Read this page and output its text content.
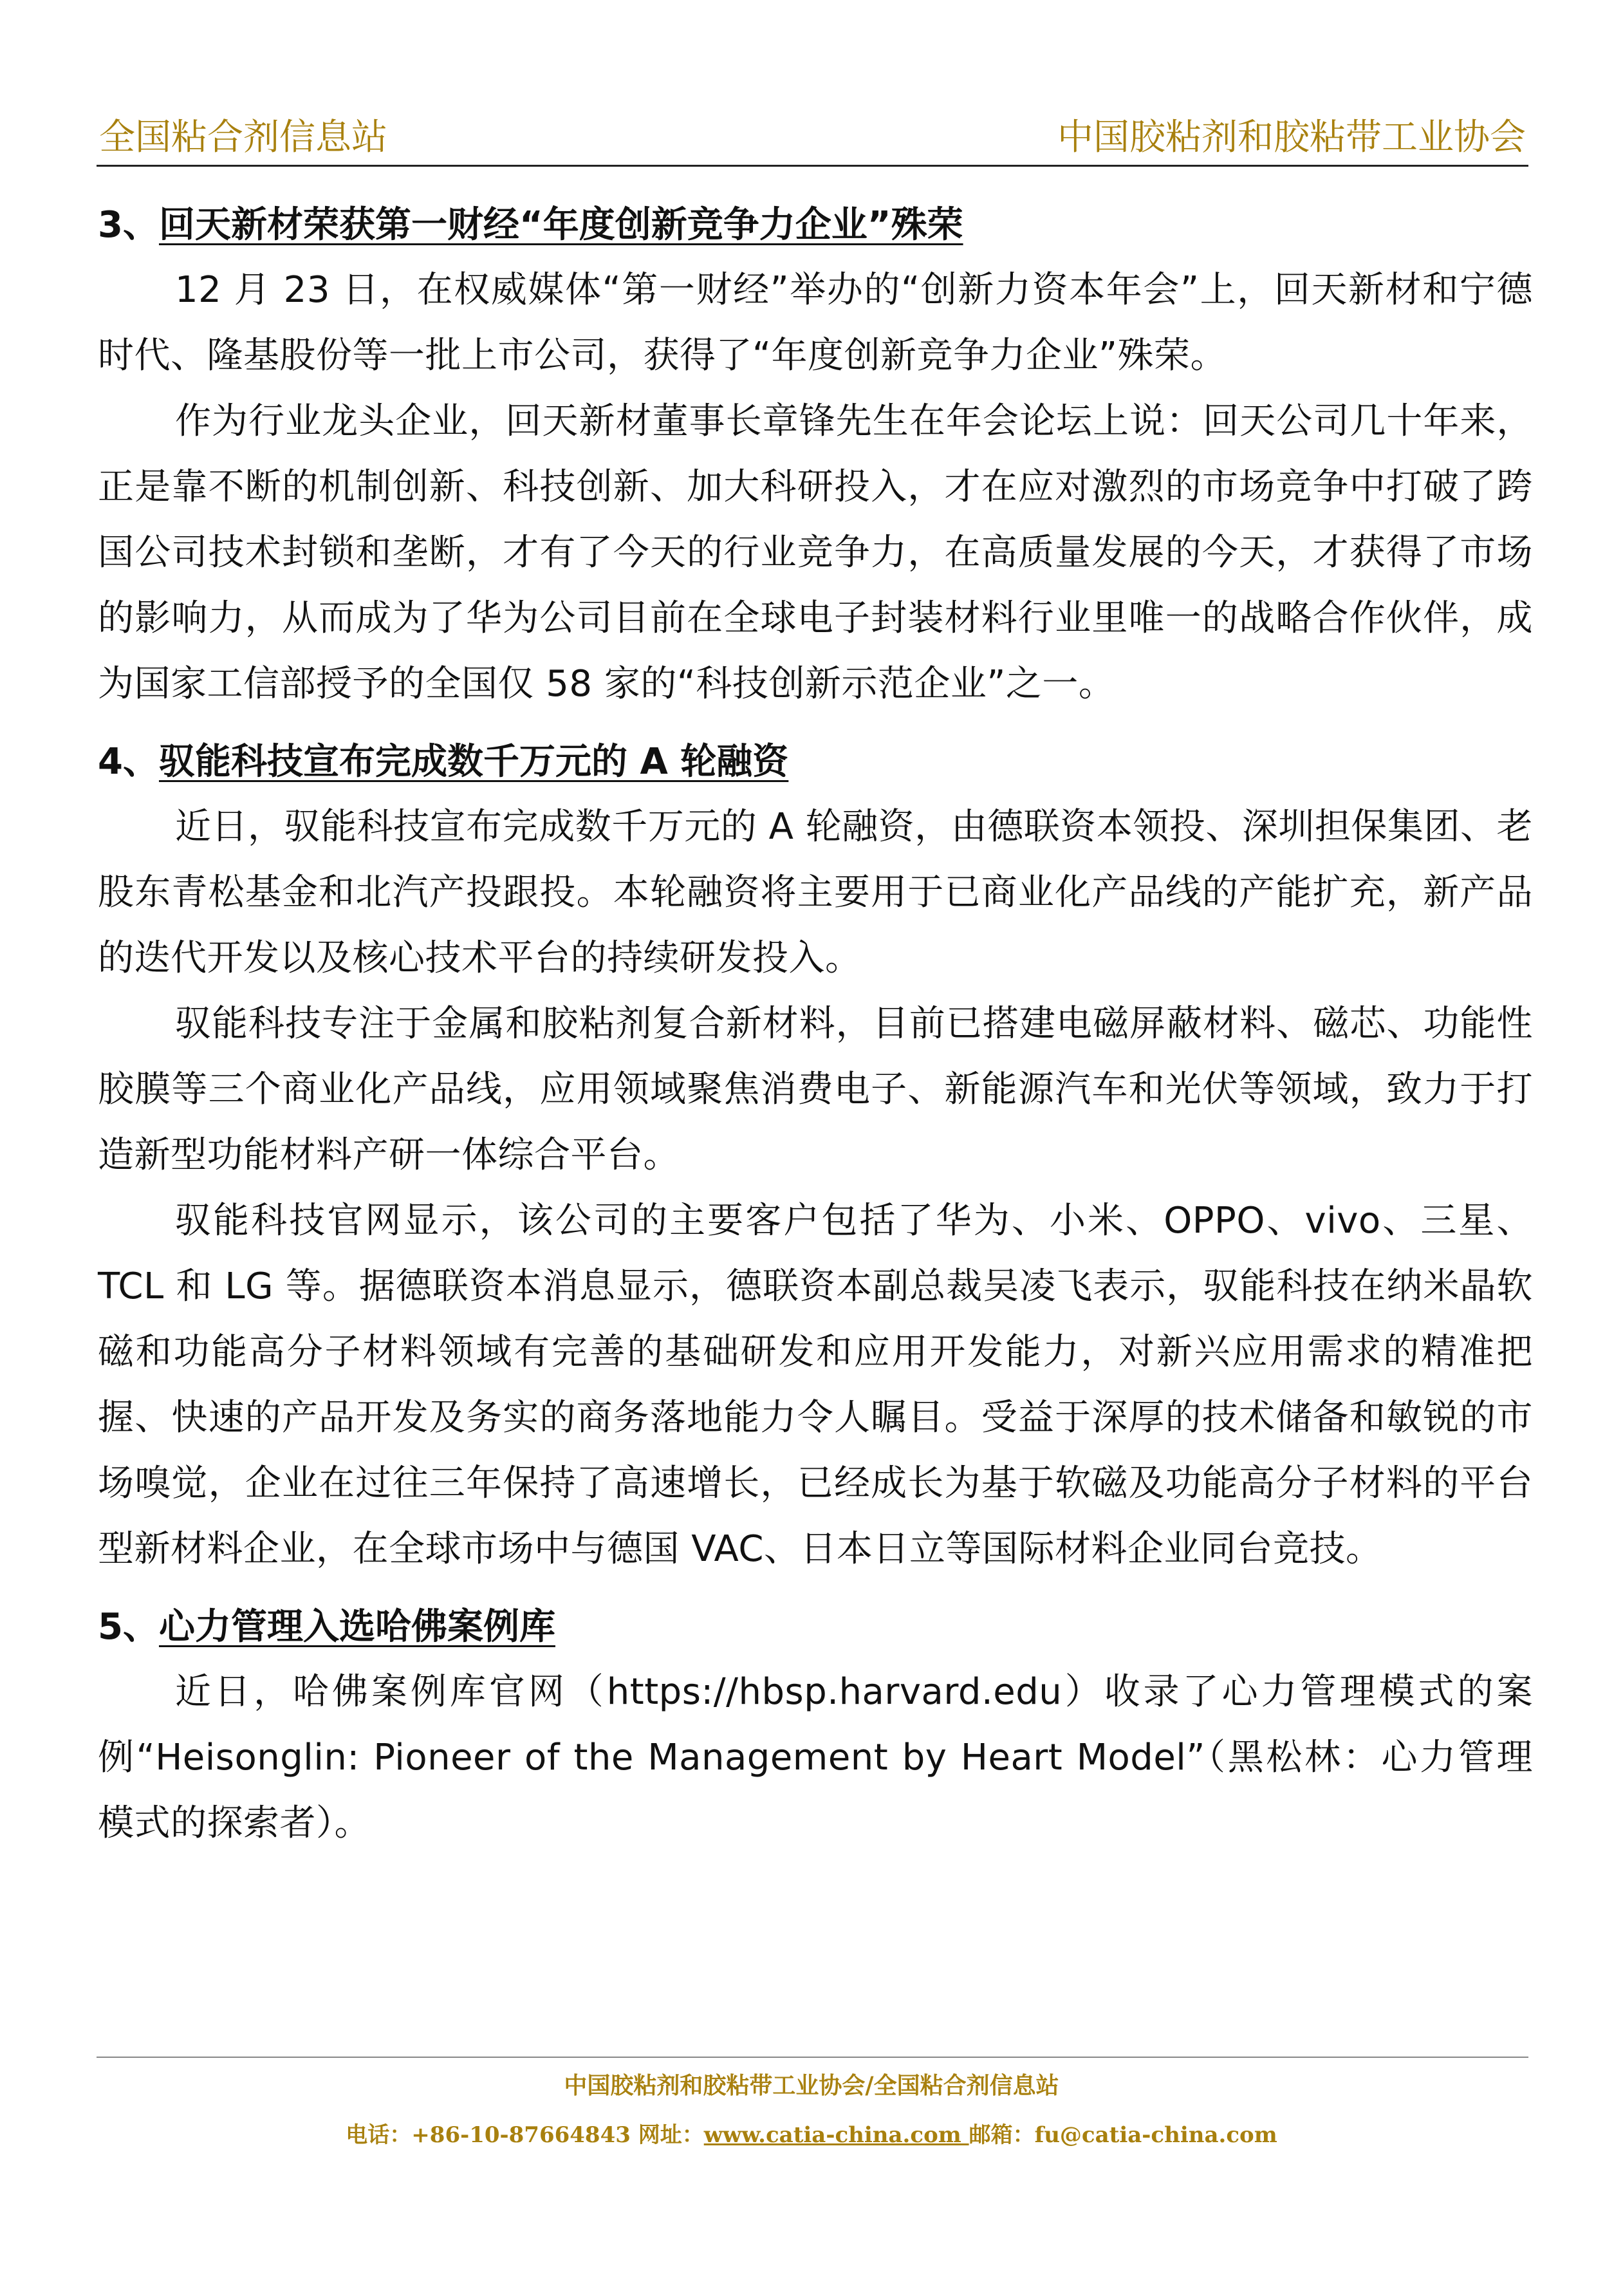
全国粘合剂信息站	中国胶粘剂和胶粘带工业协会
3、回天新材荣获第一财经“年度创新竞争力企业”殊荣

12 月 23 日，在权威媒体“第一财经”举办的“创新力资本年会”上，回天新材和宁德时代、隆基股份等一批上市公司，获得了“年度创新竞争力企业”殊荣。

作为行业龙头企业，回天新材董事长章锋先生在年会论坛上说：回天公司几十年来，正是靠不断的机制创新、科技创新、加大科研投入，才在应对激烈的市场竞争中打破了跨国公司技术封锁和垄断，才有了今天的行业竞争力，在高质量发展的今天，才获得了市场的影响力，从而成为了华为公司目前在全球电子封装材料行业里唯一的战略合作伙伴，成为国家工信部授予的全国仅 58 家的“科技创新示范企业”之一。

4、驭能科技宣布完成数千万元的 A 轮融资

近日，驭能科技宣布完成数千万元的 A 轮融资，由德联资本领投、深圳担保集团、老股东青松基金和北汽产投跟投。本轮融资将主要用于已商业化产品线的产能扩充，新产品的迭代开发以及核心技术平台的持续研发投入。

驭能科技专注于金属和胶粘剂复合新材料，目前已搭建电磁屏蔽材料、磁芯、功能性胶膜等三个商业化产品线，应用领域聚焦消费电子、新能源汽车和光伏等领域，致力于打造新型功能材料产研一体综合平台。

驭能科技官网显示，该公司的主要客户包括了华为、小米、OPPO、vivo、三星、TCL 和 LG 等。据德联资本消息显示，德联资本副总裁吴凌飞表示，驭能科技在纳米晶软磁和功能高分子材料领域有完善的基础研发和应用开发能力，对新兴应用需求的精准把握、快速的产品开发及务实的商务落地能力令人瞩目。受益于深厚的技术储备和敏锐的市场嗅觉，企业在过往三年保持了高速增长，已经成长为基于软磁及功能高分子材料的平台型新材料企业，在全球市场中与德国 VAC、日本日立等国际材料企业同台竞技。

5、心力管理入选哈佛案例库

近日，哈佛案例库官网（https://hbsp.harvard.edu）收录了心力管理模式的案例“Heisonglin: Pioneer of the Management by Heart Model”（黑松林：心力管理模式的探索者）。

中国胶粘剂和胶粘带工业协会/全国粘合剂信息站
电话：+86-10-87664843 网址：www.catia-china.com 邮箱：fu@catia-china.com
